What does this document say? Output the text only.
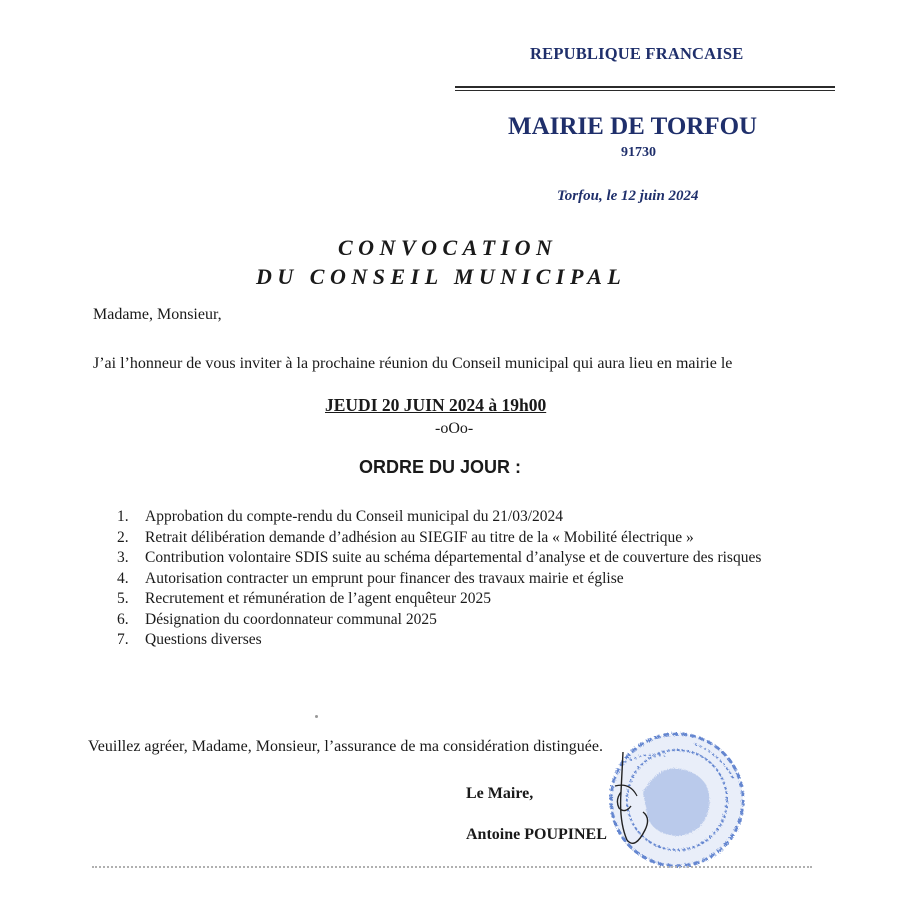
REPUBLIQUE FRANCAISE
MAIRIE DE TORFOU
91730
Torfou, le 12 juin 2024
CONVOCATION
DU CONSEIL MUNICIPAL
Madame, Monsieur,
J’ai l’honneur de vous inviter à la prochaine réunion du Conseil municipal qui aura lieu en mairie le
JEUDI 20 JUIN 2024 à 19h00
-oOo-
ORDRE DU JOUR :
1. Approbation du compte-rendu du Conseil municipal du 21/03/2024
2. Retrait délibération demande d’adhésion au SIEGIF au titre de la « Mobilité électrique »
3. Contribution volontaire SDIS suite au schéma départemental d’analyse et de couverture des risques
4. Autorisation contracter un emprunt pour financer des travaux mairie et église
5. Recrutement et rémunération de l’agent enquêteur 2025
6. Désignation du coordonnateur communal 2025
7. Questions diverses
Veuillez agréer, Madame, Monsieur, l’assurance de ma considération distinguée.
Le Maire,
Antoine POUPINEL
